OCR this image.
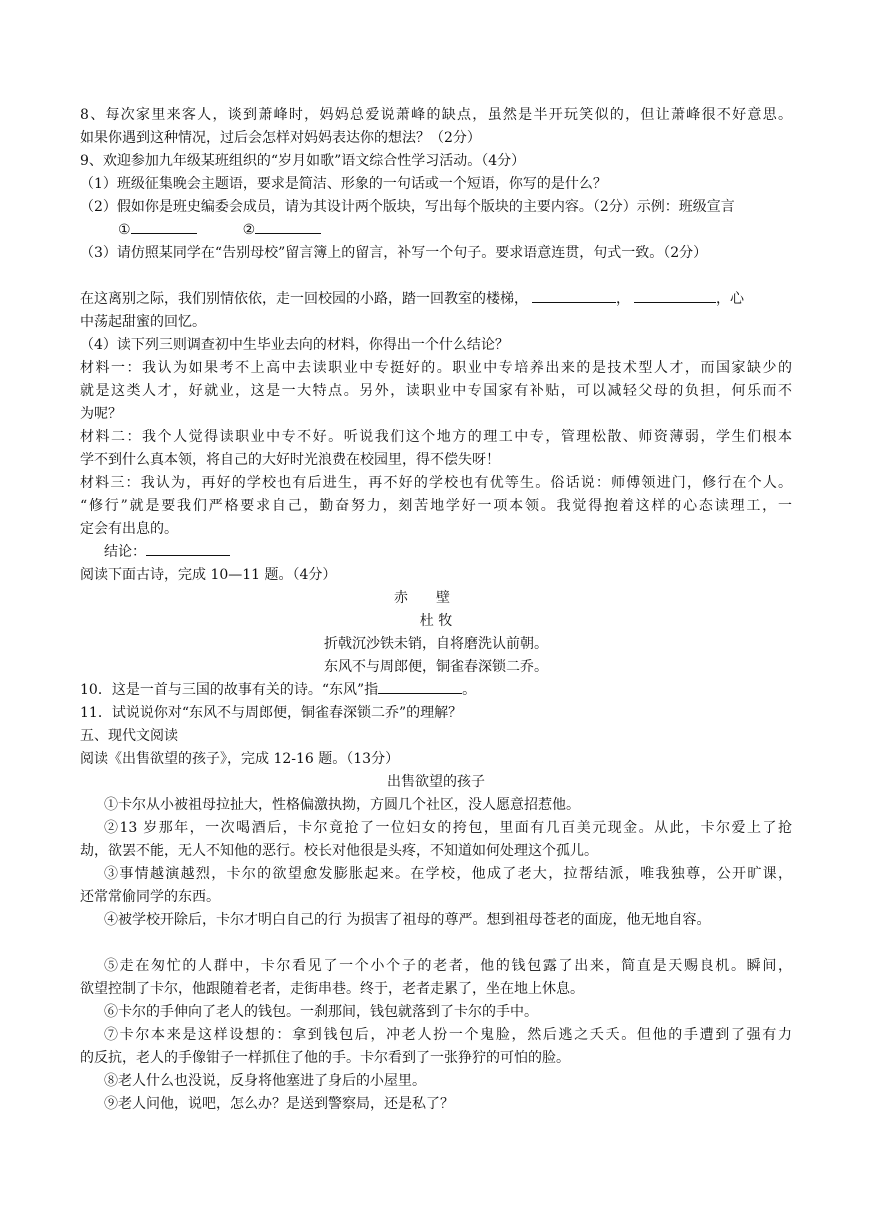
8、每次家里来客人，谈到萧峰时，妈妈总爱说萧峰的缺点，虽然是半开玩笑似的，但让萧峰很不好意思。
如果你遇到这种情况，过后会怎样对妈妈表达你的想法？（2分）
9、欢迎参加九年级某班组织的“岁月如歌”语文综合性学习活动。（4分）
（1）班级征集晚会主题语，要求是简洁、形象的一句话或一个短语，你写的是什么？
（2）假如你是班史编委会成员，请为其设计两个版块，写出每个版块的主要内容。（2分）示例：班级宣言
①	②
（3）请仿照某同学在“告别母校”留言簿上的留言，补写一个句子。要求语意连贯，句式一致。（2分）
在这离别之际，我们别情依依，走一回校园的小路，踏一回教室的楼梯，	，	，心
中荡起甜蜜的回忆。
（4）读下列三则调查初中生毕业去向的材料，你得出一个什么结论？
材料一：我认为如果考不上高中去读职业中专挺好的。职业中专培养出来的是技术型人才，而国家缺少的
就是这类人才，好就业，这是一大特点。另外，读职业中专国家有补贴，可以减轻父母的负担，何乐而不
为呢？
材料二：我个人觉得读职业中专不好。听说我们这个地方的理工中专，管理松散、师资薄弱，学生们根本
学不到什么真本领，将自己的大好时光浪费在校园里，得不偿失呀！
材料三：我认为，再好的学校也有后进生，再不好的学校也有优等生。俗话说：师傅领进门，修行在个人。
“修行”就是要我们严格要求自己，勤奋努力，刻苦地学好一项本领。我觉得抱着这样的心态读理工，一
定会有出息的。
结论：
阅读下面古诗，完成 10—11 题。（4分）
赤壁
杜 牧
折戟沉沙铁未销，自将磨洗认前朝。
东风不与周郎便，铜雀春深锁二乔。
10．这是一首与三国的故事有关的诗。“东风”指	。
11．试说说你对“东风不与周郎便，铜雀春深锁二乔”的理解？
五、现代文阅读
阅读《出售欲望的孩子》，完成 12-16 题。（13分）
出售欲望的孩子
①卡尔从小被祖母拉扯大，性格偏激执拗，方圆几个社区，没人愿意招惹他。
②13 岁那年，一次喝酒后，卡尔竟抢了一位妇女的挎包，里面有几百美元现金。从此，卡尔爱上了抢
劫，欲罢不能，无人不知他的恶行。校长对他很是头疼，不知道如何处理这个孤儿。
③事情越演越烈，卡尔的欲望愈发膨胀起来。在学校，他成了老大，拉帮结派，唯我独尊，公开旷课，
还常常偷同学的东西。
④被学校开除后，卡尔才明白自己的行 为损害了祖母的尊严。想到祖母苍老的面庞，他无地自容。
⑤走在匆忙的人群中，卡尔看见了一个小个子的老者，他的钱包露了出来，简直是天赐良机。瞬间，
欲望控制了卡尔，他跟随着老者，走街串巷。终于，老者走累了，坐在地上休息。
⑥卡尔的手伸向了老人的钱包。一刹那间，钱包就落到了卡尔的手中。
⑦卡尔本来是这样设想的：拿到钱包后，冲老人扮一个鬼脸，然后逃之夭夭。但他的手遭到了强有力
的反抗，老人的手像钳子一样抓住了他的手。卡尔看到了一张狰狞的可怕的脸。
⑧老人什么也没说，反身将他塞进了身后的小屋里。
⑨老人问他，说吧，怎么办？是送到警察局，还是私了？
